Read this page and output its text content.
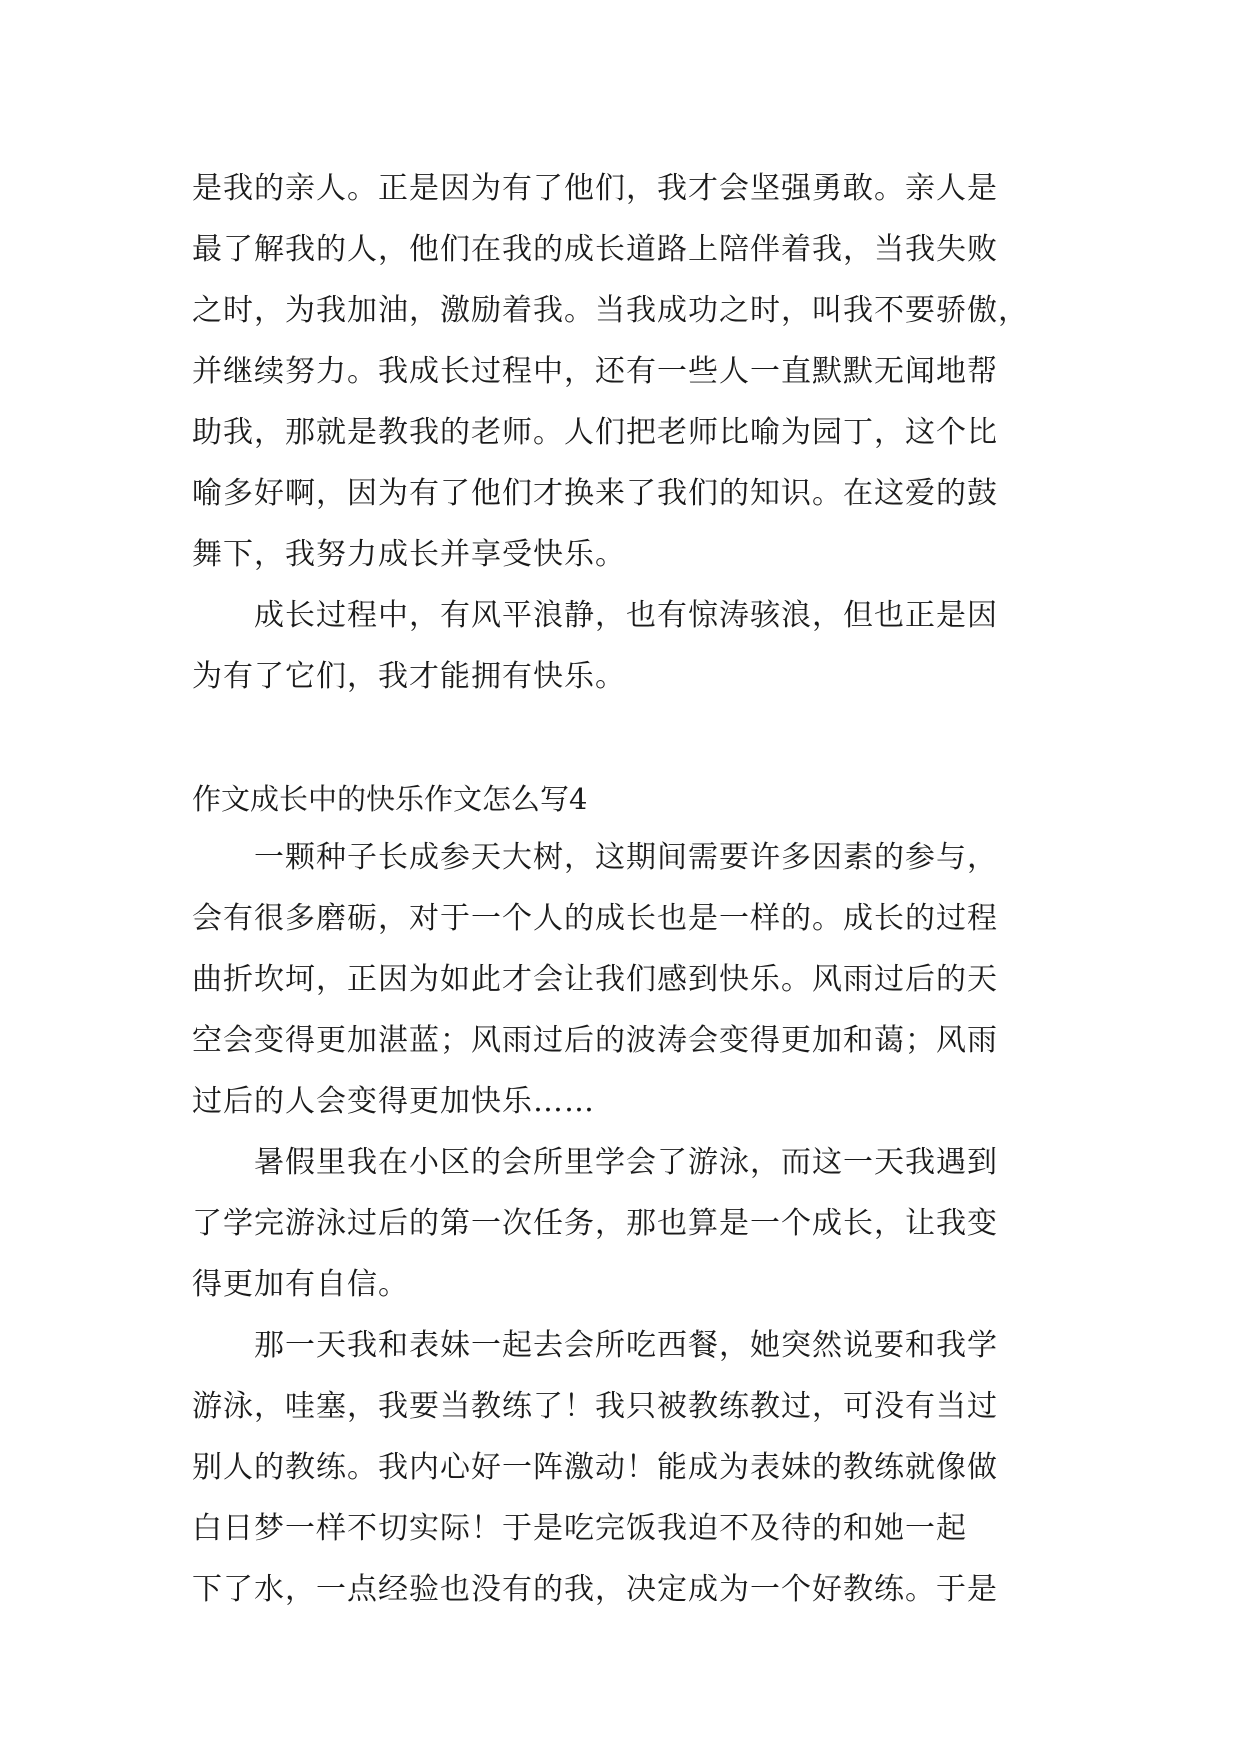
是我的亲人。正是因为有了他们，我才会坚强勇敢。亲人是
最了解我的人，他们在我的成长道路上陪伴着我，当我失败
之时，为我加油，激励着我。当我成功之时，叫我不要骄傲，
并继续努力。我成长过程中，还有一些人一直默默无闻地帮
助我，那就是教我的老师。人们把老师比喻为园丁，这个比
喻多好啊，因为有了他们才换来了我们的知识。在这爱的鼓
舞下，我努力成长并享受快乐。
成长过程中，有风平浪静，也有惊涛骇浪，但也正是因
为有了它们，我才能拥有快乐。
作文成长中的快乐作文怎么写4
一颗种子长成参天大树，这期间需要许多因素的参与，
会有很多磨砺，对于一个人的成长也是一样的。成长的过程
曲折坎坷，正因为如此才会让我们感到快乐。风雨过后的天
空会变得更加湛蓝；风雨过后的波涛会变得更加和蔼；风雨
过后的人会变得更加快乐……
暑假里我在小区的会所里学会了游泳，而这一天我遇到
了学完游泳过后的第一次任务，那也算是一个成长，让我变
得更加有自信。
那一天我和表妹一起去会所吃西餐，她突然说要和我学
游泳，哇塞，我要当教练了！我只被教练教过，可没有当过
别人的教练。我内心好一阵激动！能成为表妹的教练就像做
白日梦一样不切实际！于是吃完饭我迫不及待的和她一起
下了水，一点经验也没有的我，决定成为一个好教练。于是
